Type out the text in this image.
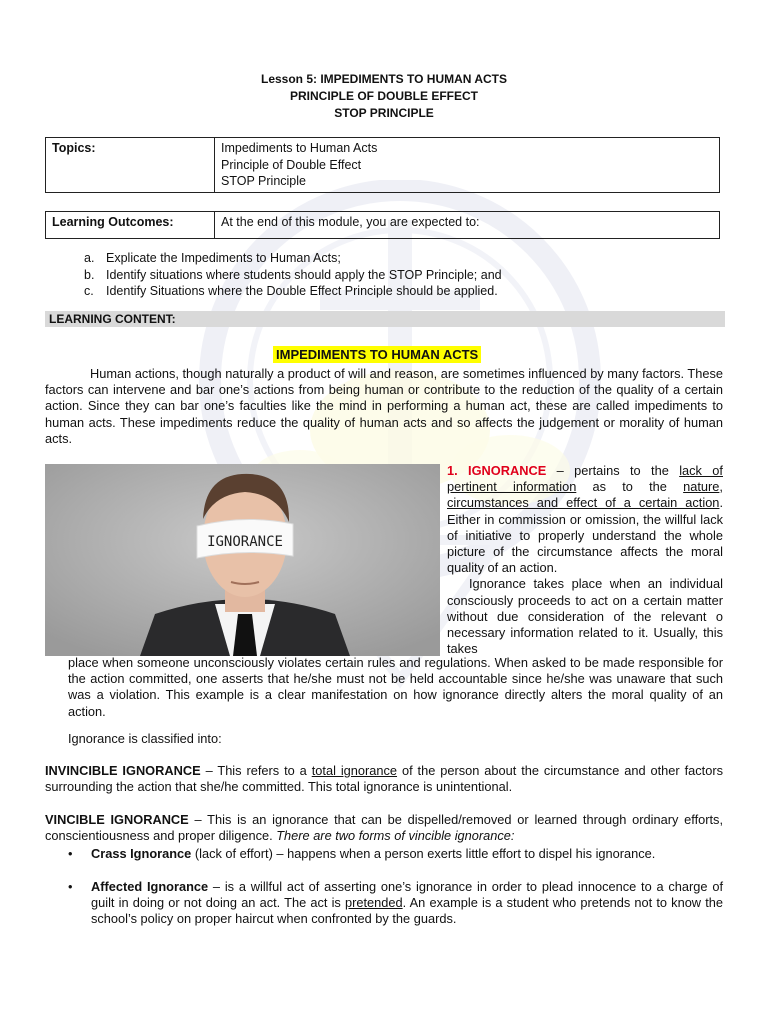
Lesson 5: IMPEDIMENTS TO HUMAN ACTS
PRINCIPLE OF DOUBLE EFFECT
STOP PRINCIPLE
Topics:	Impediments to Human Acts
Principle of Double Effect
STOP Principle
Learning Outcomes:	At the end of this module, you are expected to:
a. Explicate the Impediments to Human Acts;
b. Identify situations where students should apply the STOP Principle; and
c. Identify Situations where the Double Effect Principle should be applied.
LEARNING CONTENT:
IMPEDIMENTS TO HUMAN ACTS
Human actions, though naturally a product of will and reason, are sometimes influenced by many factors. These factors can intervene and bar one’s actions from being human or contribute to the reduction of the quality of a certain action. Since they can bar one’s faculties like the mind in performing a human act, these are called impediments to human acts. These impediments reduce the quality of human acts and so affects the judgement or morality of human acts.
IGNORANCE
1. IGNORANCE – pertains to the lack of pertinent information as to the nature, circumstances and effect of a certain action. Either in commission or omission, the willful lack of initiative to properly understand the whole picture of the circumstance affects the moral quality of an action.
Ignorance takes place when an individual consciously proceeds to act on a certain matter without due consideration of the relevant o necessary information related to it. Usually, this takes
place when someone unconsciously violates certain rules and regulations. When asked to be made responsible for the action committed, one asserts that he/she must not be held accountable since he/she was unaware that such was a violation. This example is a clear manifestation on how ignorance directly alters the moral quality of an action.
Ignorance is classified into:
INVINCIBLE IGNORANCE – This refers to a total ignorance of the person about the circumstance and other factors surrounding the action that she/he committed. This total ignorance is unintentional.
VINCIBLE IGNORANCE – This is an ignorance that can be dispelled/removed or learned through ordinary efforts, conscientiousness and proper diligence. There are two forms of vincible ignorance:
• Crass Ignorance (lack of effort) – happens when a person exerts little effort to dispel his ignorance.
• Affected Ignorance – is a willful act of asserting one’s ignorance in order to plead innocence to a charge of guilt in doing or not doing an act. The act is pretended. An example is a student who pretends not to know the school’s policy on proper haircut when confronted by the guards.
